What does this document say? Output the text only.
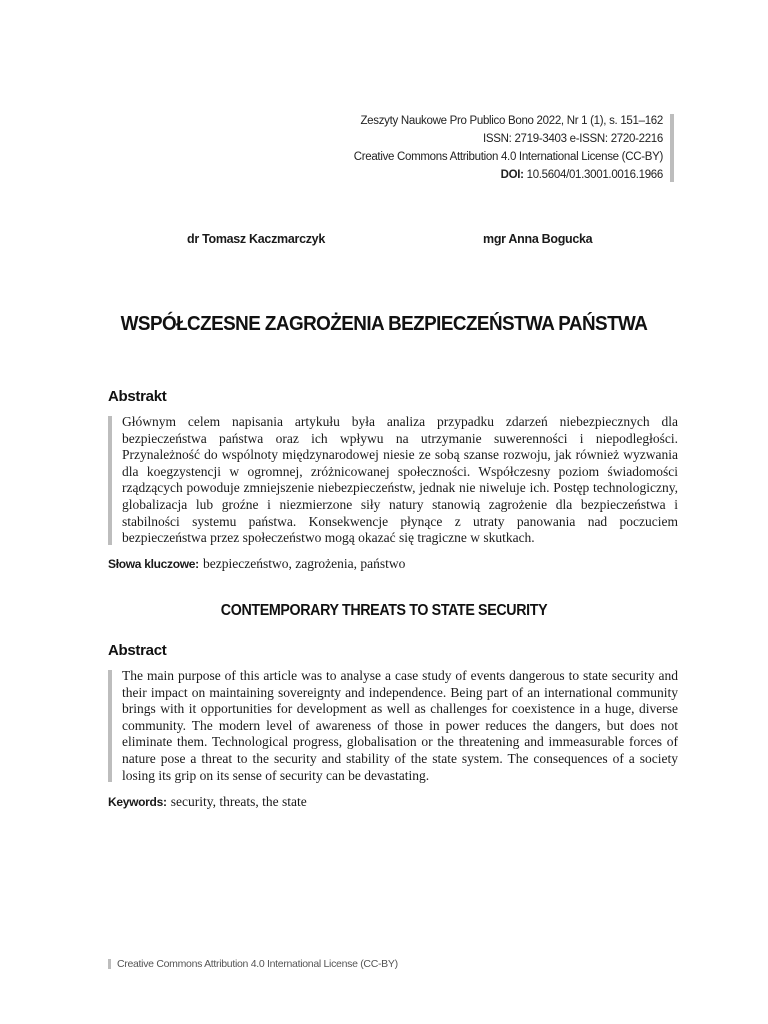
Zeszyty Naukowe Pro Publico Bono 2022, Nr 1 (1), s. 151–162
ISSN: 2719-3403 e-ISSN: 2720-2216
Creative Commons Attribution 4.0 International License (CC-BY)
DOI: 10.5604/01.3001.0016.1966
dr Tomasz Kaczmarczyk	mgr Anna Bogucka
WSPÓŁCZESNE ZAGROŻENIA BEZPIECZEŃSTWA PAŃSTWA
Abstrakt

Głównym celem napisania artykułu była analiza przypadku zdarzeń niebezpiecznych dla bezpieczeństwa państwa oraz ich wpływu na utrzymanie suwerenności i niepodległości. Przynależność do wspólnoty międzynarodowej niesie ze sobą szanse rozwoju, jak również wyzwania dla koegzystencji w ogromnej, zróżnicowanej społeczności. Współczesny poziom świadomości rządzących powoduje zmniejszenie niebezpieczeństw, jednak nie niweluje ich. Postęp technologiczny, globalizacja lub groźne i niezmierzone siły natury stanowią zagrożenie dla bezpieczeństwa i stabilności systemu państwa. Konsekwencje płynące z utraty panowania nad poczuciem bezpieczeństwa przez społeczeństwo mogą okazać się tragiczne w skutkach.

Słowa kluczowe: bezpieczeństwo, zagrożenia, państwo
CONTEMPORARY THREATS TO STATE SECURITY
Abstract

The main purpose of this article was to analyse a case study of events dangerous to state security and their impact on maintaining sovereignty and independence. Being part of an international community brings with it opportunities for development as well as challenges for coexistence in a huge, diverse community. The modern level of awareness of those in power reduces the dangers, but does not eliminate them. Technological progress, globalisation or the threatening and immeasurable forces of nature pose a threat to the security and stability of the state system. The consequences of a society losing its grip on its sense of security can be devastating.

Keywords: security, threats, the state
Creative Commons Attribution 4.0 International License (CC-BY)
